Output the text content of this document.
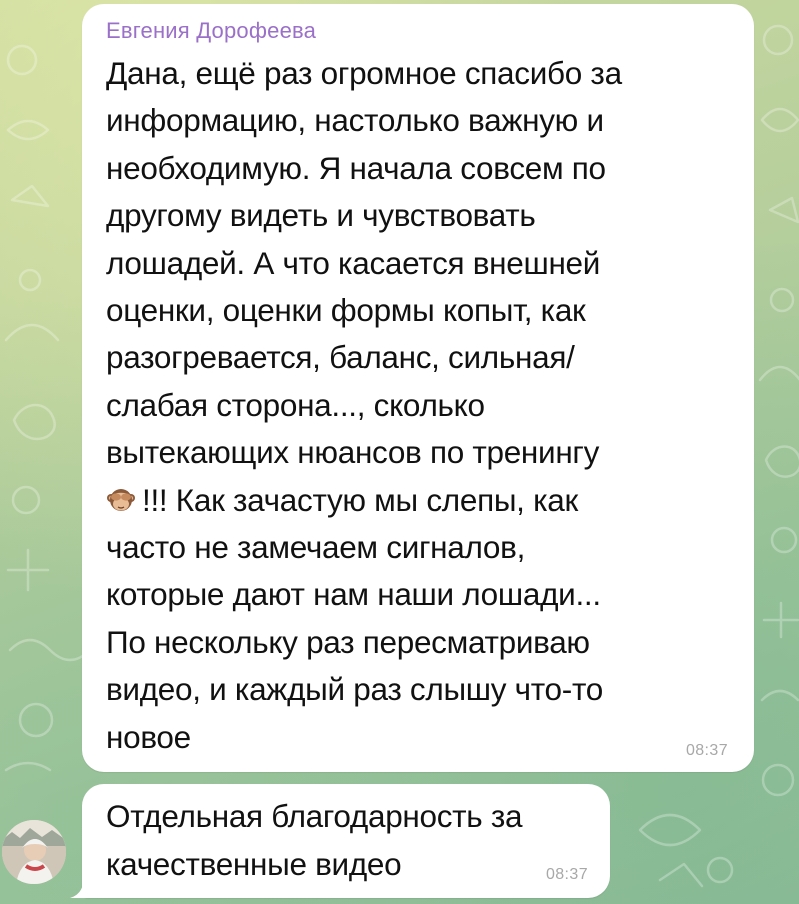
Евгения Дорофеева
Дана, ещё раз огромное спасибо за
информацию, настолько важную и
необходимую. Я начала совсем по
другому видеть и чувствовать
лошадей. А что касается внешней
оценки, оценки формы копыт, как
разогревается, баланс, сильная/
слабая сторона..., сколько
вытекающих нюансов по тренингу
!!! Как зачастую мы слепы, как
часто не замечаем сигналов,
которые дают нам наши лошади...
По нескольку раз пересматриваю
видео, и каждый раз слышу что-то
новое	08:37
Отдельная благодарность за
качественные видео	08:37
